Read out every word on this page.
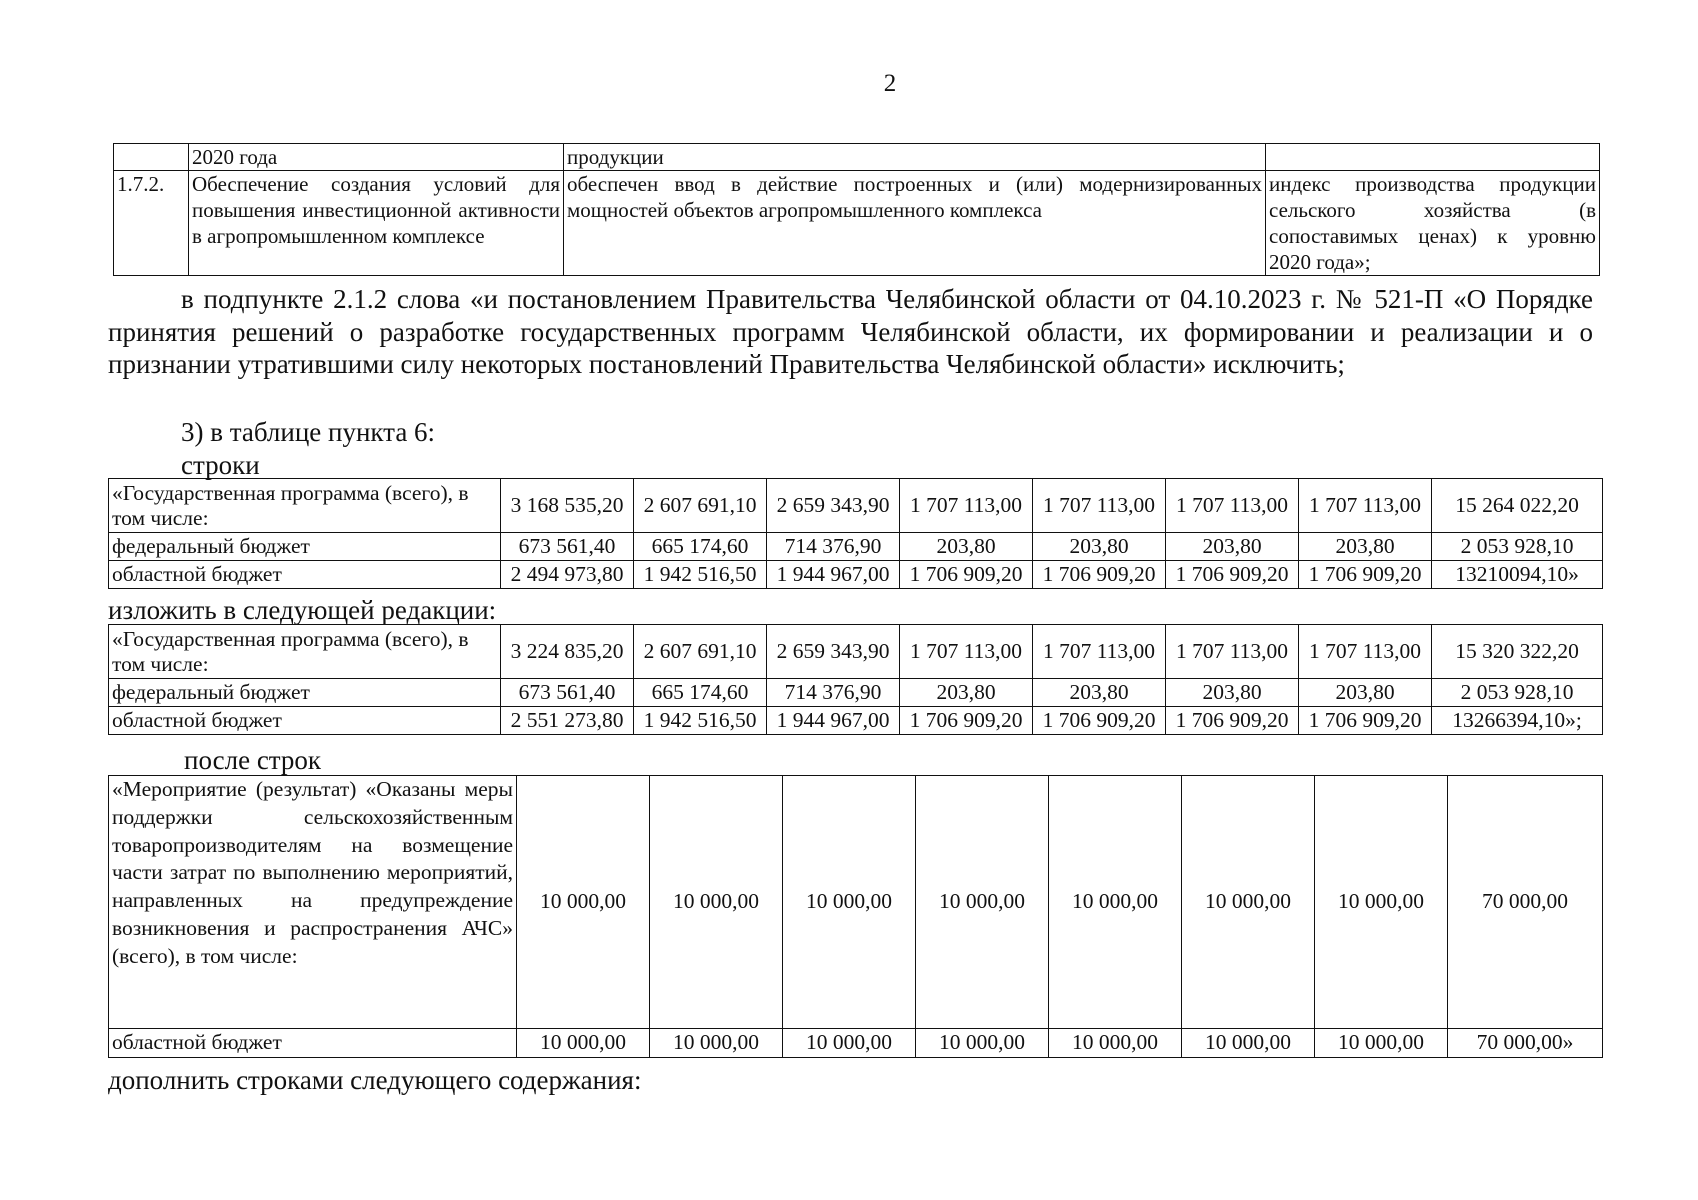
2
	2020 года	продукции	
1.7.2.	Обеспечение создания условий для повышения инвестиционной активности в агропромышленном комплексе	обеспечен ввод в действие построенных и (или) модернизированных мощностей объектов агропромышленного комплекса	индекс производства продукции сельского хозяйства (в сопоставимых ценах) к уровню 2020 года»;
в подпункте 2.1.2 слова «и постановлением Правительства Челябинской области от 04.10.2023 г. № 521-П «О Порядке принятия решений о разработке государственных программ Челябинской области, их формировании и реализации и о признании утратившими силу некоторых постановлений Правительства Челябинской области» исключить;
3) в таблице пункта 6:
строки
«Государственная программа (всего), в том числе:	3 168 535,20	2 607 691,10	2 659 343,90	1 707 113,00	1 707 113,00	1 707 113,00	1 707 113,00	15 264 022,20
федеральный бюджет	673 561,40	665 174,60	714 376,90	203,80	203,80	203,80	203,80	2 053 928,10
областной бюджет	2 494 973,80	1 942 516,50	1 944 967,00	1 706 909,20	1 706 909,20	1 706 909,20	1 706 909,20	13210094,10»
изложить в следующей редакции:
«Государственная программа (всего), в том числе:	3 224 835,20	2 607 691,10	2 659 343,90	1 707 113,00	1 707 113,00	1 707 113,00	1 707 113,00	15 320 322,20
федеральный бюджет	673 561,40	665 174,60	714 376,90	203,80	203,80	203,80	203,80	2 053 928,10
областной бюджет	2 551 273,80	1 942 516,50	1 944 967,00	1 706 909,20	1 706 909,20	1 706 909,20	1 706 909,20	13266394,10»;
после строк
«Мероприятие (результат) «Оказаны меры поддержки сельскохозяйственным товаропроизводителям на возмещение части затрат по выполнению мероприятий, направленных на предупреждение возникновения и распространения АЧС» (всего), в том числе:	10 000,00	10 000,00	10 000,00	10 000,00	10 000,00	10 000,00	10 000,00	70 000,00
областной бюджет	10 000,00	10 000,00	10 000,00	10 000,00	10 000,00	10 000,00	10 000,00	70 000,00»
дополнить строками следующего содержания:
